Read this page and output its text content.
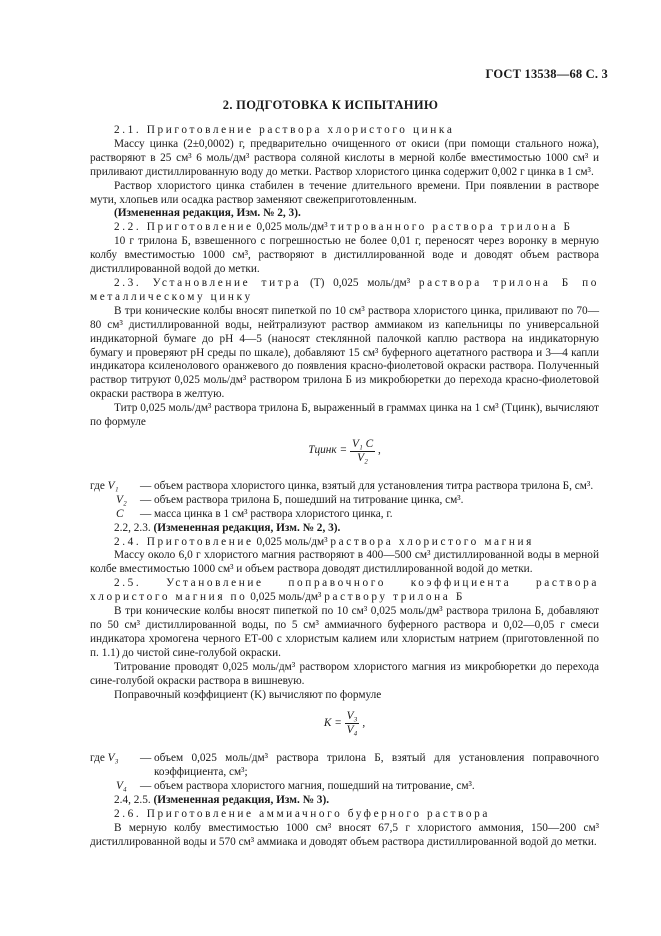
ГОСТ 13538—68 С. 3
2. ПОДГОТОВКА К ИСПЫТАНИЮ

2.1. Приготовление раствора хлористого цинка

Массу цинка (2±0,0002) г, предварительно очищенного от окиси (при помощи стального ножа), растворяют в 25 см³ 6 моль/дм³ раствора соляной кислоты в мерной колбе вместимостью 1000 см³ и приливают дистиллированную воду до метки. Раствор хлористого цинка содержит 0,002 г цинка в 1 см³.

Раствор хлористого цинка стабилен в течение длительного времени. При появлении в растворе мути, хлопьев или осадка раствор заменяют свежеприготовленным.

(Измененная редакция, Изм. № 2, 3).

2.2. Приготовление 0,025 моль/дм³ титрованного раствора трилона Б

10 г трилона Б, взвешенного с погрешностью не более 0,01 г, переносят через воронку в мерную колбу вместимостью 1000 см³, растворяют в дистиллированной воде и доводят объем раствора дистиллированной водой до метки.

2.3. Установление титра (Т) 0,025 моль/дм³ раствора трилона Б по металлическому цинку

В три конические колбы вносят пипеткой по 10 см³ раствора хлористого цинка, приливают по 70—80 см³ дистиллированной воды, нейтрализуют раствор аммиаком из капельницы по универсальной индикаторной бумаге до pH 4—5 (наносят стеклянной палочкой каплю раствора на индикаторную бумагу и проверяют pH среды по шкале), добавляют 15 см³ буферного ацетатного раствора и 3—4 капли индикатора ксиленолового оранжевого до появления красно-фиолетовой окраски раствора. Полученный раствор титруют 0,025 моль/дм³ раствором трилона Б из микробюретки до перехода красно-фиолетовой окраски раствора в желтую.

Титр 0,025 моль/дм³ раствора трилона Б, выраженный в граммах цинка на 1 см³ (Tцинк), вычисляют по формуле

Tцинк = $\frac{\text{V₁ C}}{\text{V₂}}$ ,
где V₁	— объем раствора хлористого цинка, взятый для установления титра раствора трилона Б, см³.
V₂	— объем раствора трилона Б, пошедший на титрование цинка, см³.
C	— масса цинка в 1 см³ раствора хлористого цинка, г.

2.2, 2.3. (Измененная редакция, Изм. № 2, 3).

2.4. Приготовление 0,025 моль/дм³ раствора хлористого магния

Массу около 6,0 г хлористого магния растворяют в 400—500 см³ дистиллированной воды в мерной колбе вместимостью 1000 см³ и объем раствора доводят дистиллированной водой до метки.

2.5. Установление поправочного коэффициента раствора хлористого магния по 0,025 моль/дм³ раствору трилона Б

В три конические колбы вносят пипеткой по 10 см³ 0,025 моль/дм³ раствора трилона Б, добавляют по 50 см³ дистиллированной воды, по 5 см³ аммиачного буферного раствора и 0,02—0,05 г смеси индикатора хромогена черного ЕТ-00 с хлористым калием или хлористым натрием (приготовленной по п. 1.1) до чистой сине-голубой окраски.

Титрование проводят 0,025 моль/дм³ раствором хлористого магния из микробюретки до перехода сине-голубой окраски раствора в вишневую.

Поправочный коэффициент (K) вычисляют по формуле

$K = \frac{\text{V₃}}{\text{V₄}}$ ,
где V₃	— объем 0,025 моль/дм³ раствора трилона Б, взятый для установления поправочного коэффициента, см³;
V₄	— объем раствора хлористого магния, пошедший на титрование, см³.

2.4, 2.5. (Измененная редакция, Изм. № 3).

2.6. Приготовление аммиачного буферного раствора

В мерную колбу вместимостью 1000 см³ вносят 67,5 г хлористого аммония, 150—200 см³ дистиллированной воды и 570 см³ аммиака и доводят объем раствора дистиллированной водой до метки.
